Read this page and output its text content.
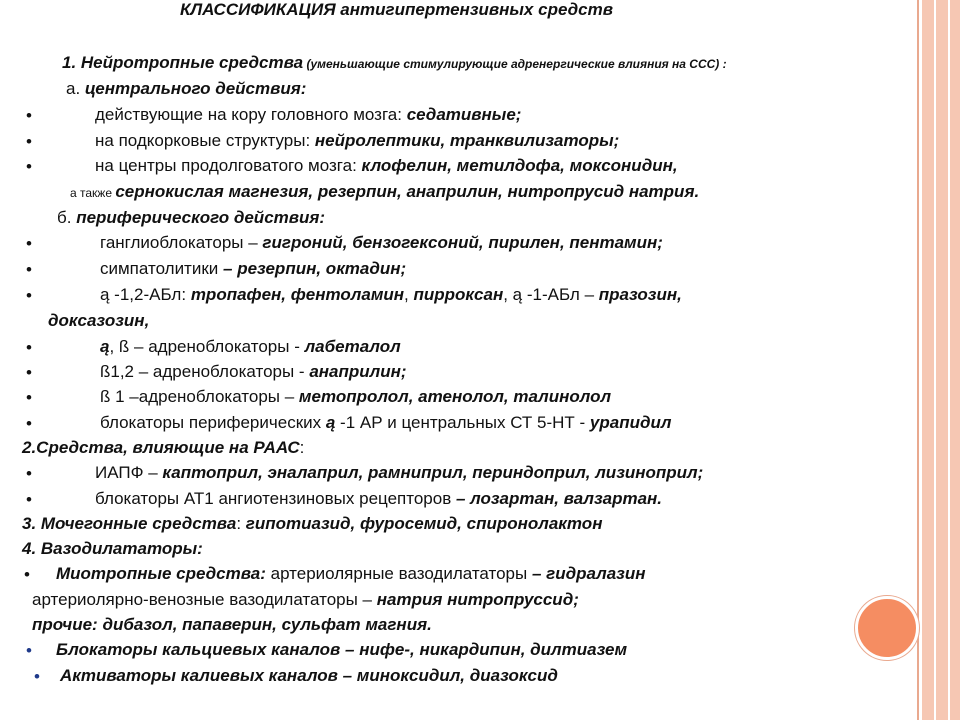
КЛАССИФИКАЦИЯ антигипертензивных средств
1. Нейротропные средства (уменьшающие стимулирующие адренергические влияния на ССС) :
а. центрального действия:
•	действующие на кору головного мозга: седативные;
•	на подкорковые структуры: нейролептики, транквилизаторы;
•	на центры продолговатого мозга: клофелин, метилдофа, моксонидин,
а также сернокислая магнезия, резерпин, анаприлин, нитропрусид натрия.
б. периферического действия:
•	ганглиоблокаторы – гигроний, бензогексоний, пирилен, пентамин;
•	симпатолитики – резерпин, октадин;
•	ą -1,2-АБл: тропафен, фентоламин, пирроксан, ą -1-АБл – празозин,
доксазозин,
•	ą, ß – адреноблокаторы - лабеталол
•	ß1,2 – адреноблокаторы - анаприлин;
•	ß 1 –адреноблокаторы – метопролол, атенолол, талинолол
•	блокаторы периферических ą -1 АР и центральных СТ 5-НТ - урапидил
2.Средства, влияющие на РААС:
•	ИАПФ – каптоприл, эналаприл, рамниприл, периндоприл, лизиноприл;
•	блокаторы АТ1 ангиотензиновых рецепторов – лозартан, валзартан.
3. Мочегонные средства: гипотиазид, фуросемид, спиронолактон
4. Вазодилататоры:
• Миотропные средства: артериолярные вазодилататоры – гидралазин
артериолярно-венозные вазодилататоры – натрия нитропруссид;
прочие: дибазол, папаверин, сульфат магния.
• Блокаторы кальциевых каналов – нифе-, никардипин, дилтиазем
• Активаторы калиевых каналов – миноксидил, диазоксид
